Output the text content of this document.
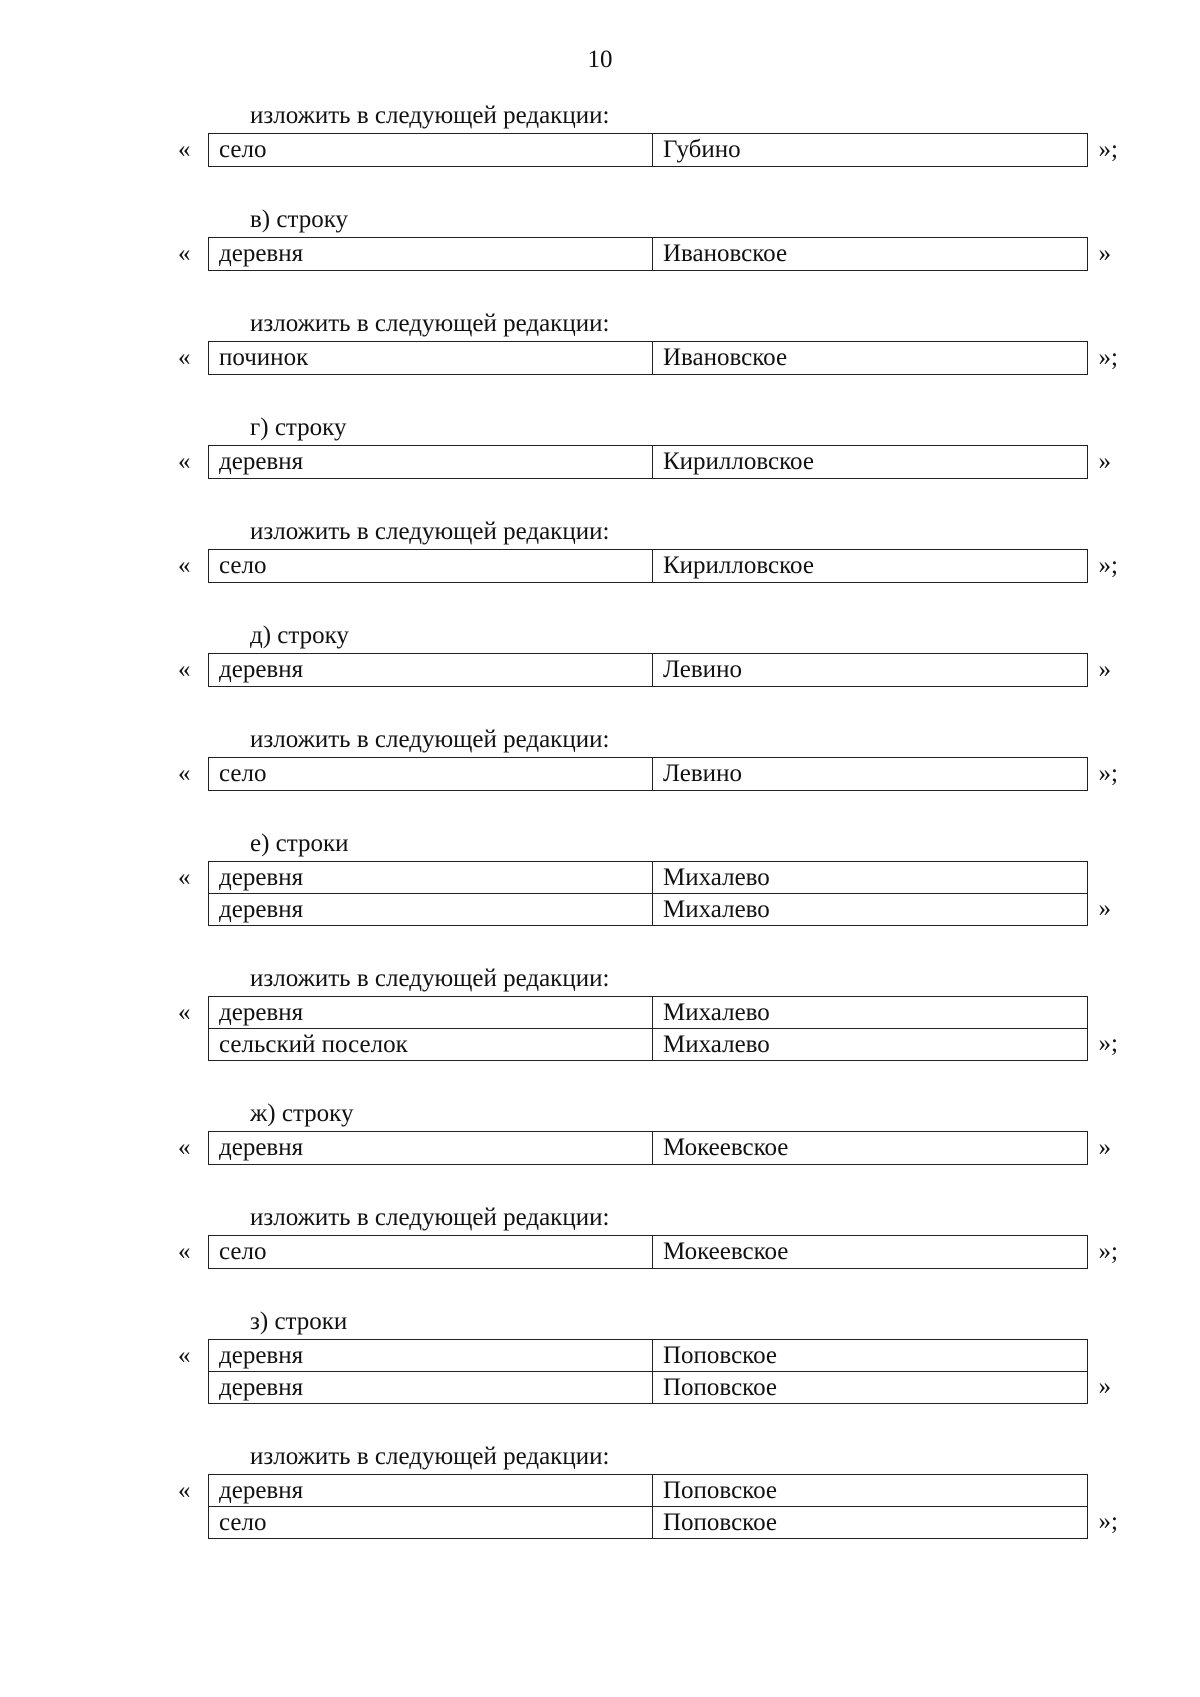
10
изложить в следующей редакции:
«	село	Губино	»;
в) строку
«	деревня	Ивановское	»
изложить в следующей редакции:
«	починок	Ивановское	»;
г) строку
«	деревня	Кирилловское	»
изложить в следующей редакции:
«	село	Кирилловское	»;
д) строку
«	деревня	Левино	»
изложить в следующей редакции:
«	село	Левино	»;
е) строки
«	деревня	Михалево
деревня	Михалево	»
изложить в следующей редакции:
«	деревня	Михалево
сельский поселок	Михалево	»;
ж) строку
«	деревня	Мокеевское	»
изложить в следующей редакции:
«	село	Мокеевское	»;
з) строки
«	деревня	Поповское
деревня	Поповское	»
изложить в следующей редакции:
«	деревня	Поповское
село	Поповское	»;
